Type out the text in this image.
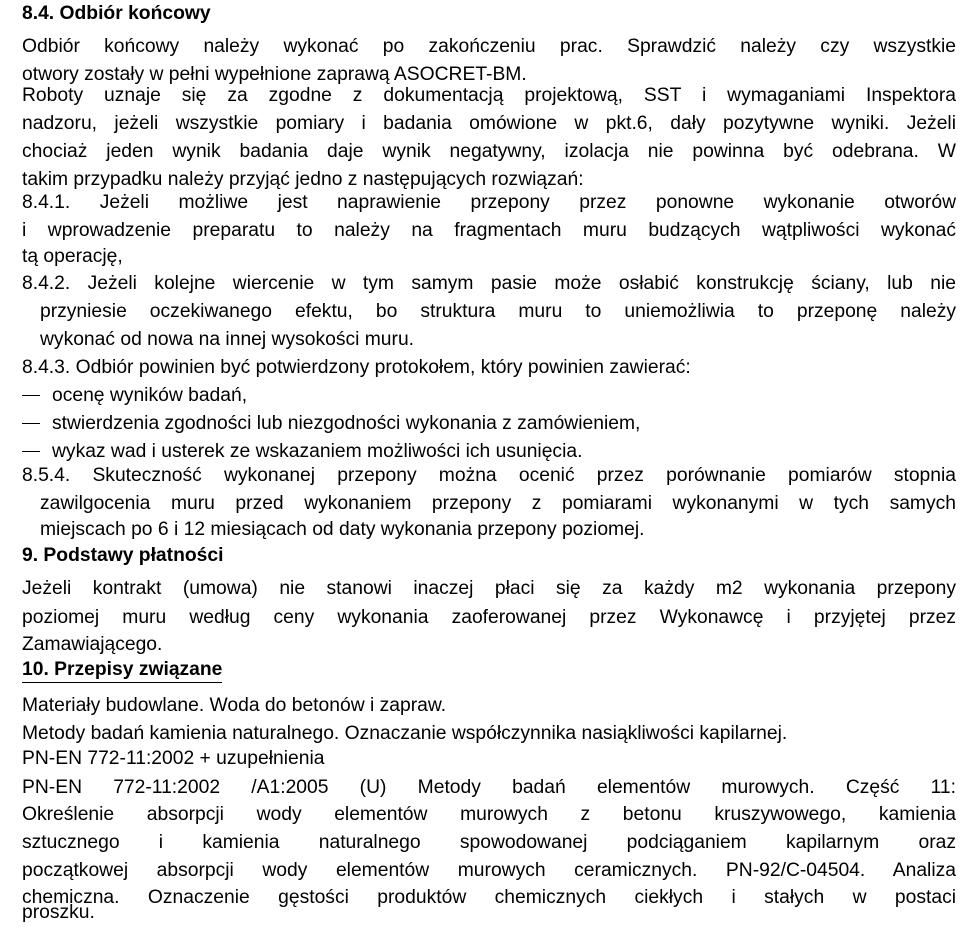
8.4. Odbiór końcowy
Odbiór końcowy należy wykonać po zakończeniu prac. Sprawdzić należy czy wszystkie
otwory zostały w pełni wypełnione zaprawą ASOCRET-BM.
Roboty uznaje się za zgodne z dokumentacją projektową, SST i wymaganiami Inspektora
nadzoru, jeżeli wszystkie pomiary i badania omówione w pkt.6, dały pozytywne wyniki. Jeżeli
chociaż jeden wynik badania daje wynik negatywny, izolacja nie powinna być odebrana. W
takim przypadku należy przyjąć jedno z następujących rozwiązań:
8.4.1. Jeżeli możliwe jest naprawienie przepony przez ponowne wykonanie otworów
i wprowadzenie preparatu to należy na fragmentach muru budzących wątpliwości wykonać
tą operację,
8.4.2. Jeżeli kolejne wiercenie w tym samym pasie może osłabić konstrukcję ściany, lub nie
przyniesie oczekiwanego efektu, bo struktura muru to uniemożliwia to przeponę należy
wykonać od nowa na innej wysokości muru.
8.4.3. Odbiór powinien być potwierdzony protokołem, który powinien zawierać:
ocenę wyników badań,
stwierdzenia zgodności lub niezgodności wykonania z zamówieniem,
wykaz wad i usterek ze wskazaniem możliwości ich usunięcia.
8.5.4. Skuteczność wykonanej przepony można ocenić przez porównanie pomiarów stopnia
zawilgocenia muru przed wykonaniem przepony z pomiarami wykonanymi w tych samych
miejscach po 6 i 12 miesiącach od daty wykonania przepony poziomej.
9. Podstawy płatności
Jeżeli kontrakt (umowa) nie stanowi inaczej płaci się za każdy m2 wykonania przepony
poziomej muru według ceny wykonania zaoferowanej przez Wykonawcę i przyjętej przez
Zamawiającego.
10. Przepisy związane
Materiały budowlane. Woda do betonów i zapraw.
Metody badań kamienia naturalnego. Oznaczanie współczynnika nasiąkliwości kapilarnej.
PN-EN 772-11:2002 + uzupełnienia
PN-EN 772-11:2002 /A1:2005 (U) Metody badań elementów murowych. Część 11:
Określenie absorpcji wody elementów murowych z betonu kruszywowego, kamienia
sztucznego i kamienia naturalnego spowodowanej podciąganiem kapilarnym oraz
początkowej absorpcji wody elementów murowych ceramicznych. PN-92/C-04504. Analiza
chemiczna. Oznaczenie gęstości produktów chemicznych ciekłych i stałych w postaci
proszku.
